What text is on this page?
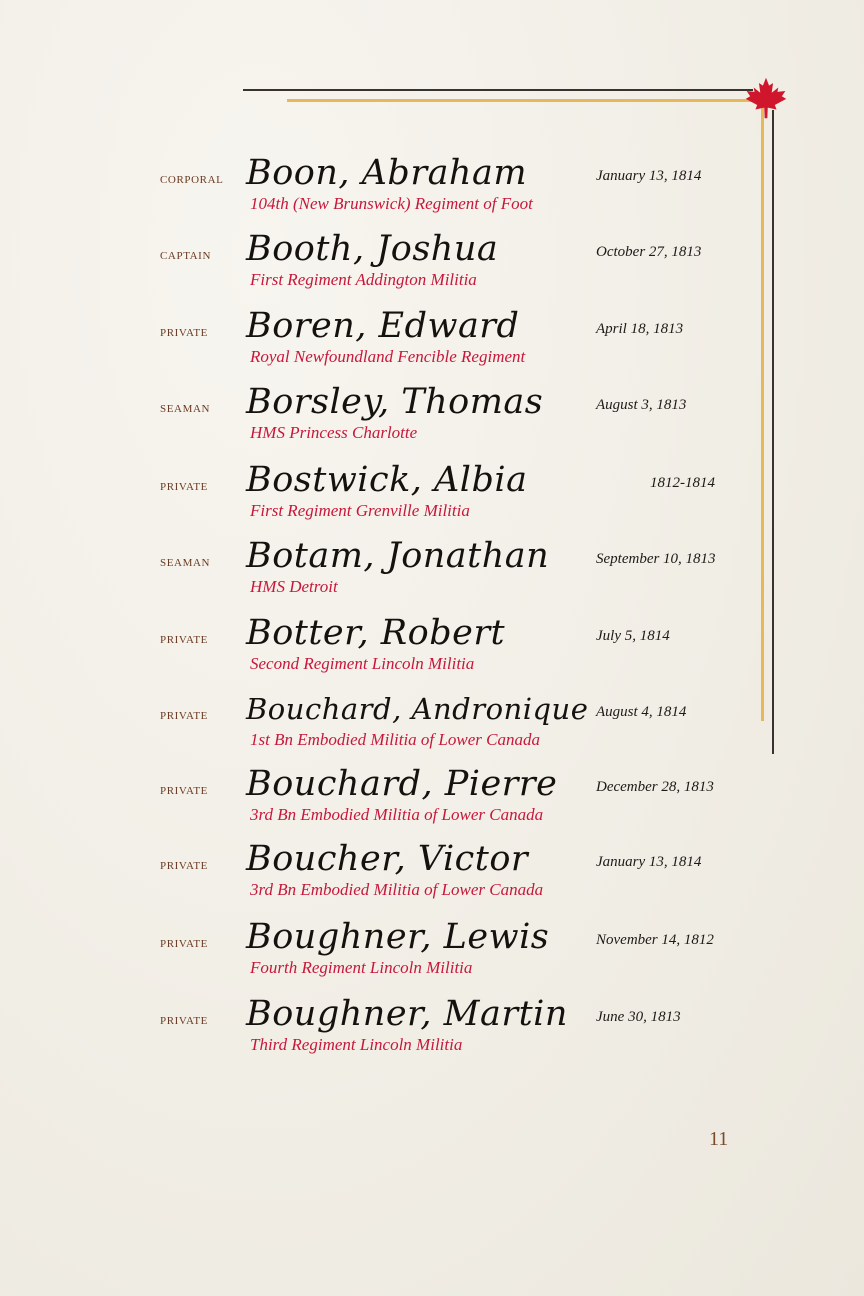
CORPORAL Boon, Abraham	January 13, 1814
104th (New Brunswick) Regiment of Foot
CAPTAIN Booth, Joshua	October 27, 1813
First Regiment Addington Militia
PRIVATE Boren, Edward	April 18, 1813
Royal Newfoundland Fencible Regiment
SEAMAN Borsley, Thomas	August 3, 1813
HMS Princess Charlotte
PRIVATE Bostwick, Albia	1812-1814
First Regiment Grenville Militia
SEAMAN Botam, Jonathan	September 10, 1813
HMS Detroit
PRIVATE Botter, Robert	July 5, 1814
Second Regiment Lincoln Militia
PRIVATE Bouchard, Andronique August 4, 1814
1st Bn Embodied Militia of Lower Canada
PRIVATE Bouchard, Pierre	December 28, 1813
3rd Bn Embodied Militia of Lower Canada
PRIVATE Boucher, Victor	January 13, 1814
3rd Bn Embodied Militia of Lower Canada
PRIVATE Boughner, Lewis	November 14, 1812
Fourth Regiment Lincoln Militia
PRIVATE Boughner, Martin June 30, 1813
Third Regiment Lincoln Militia
11
